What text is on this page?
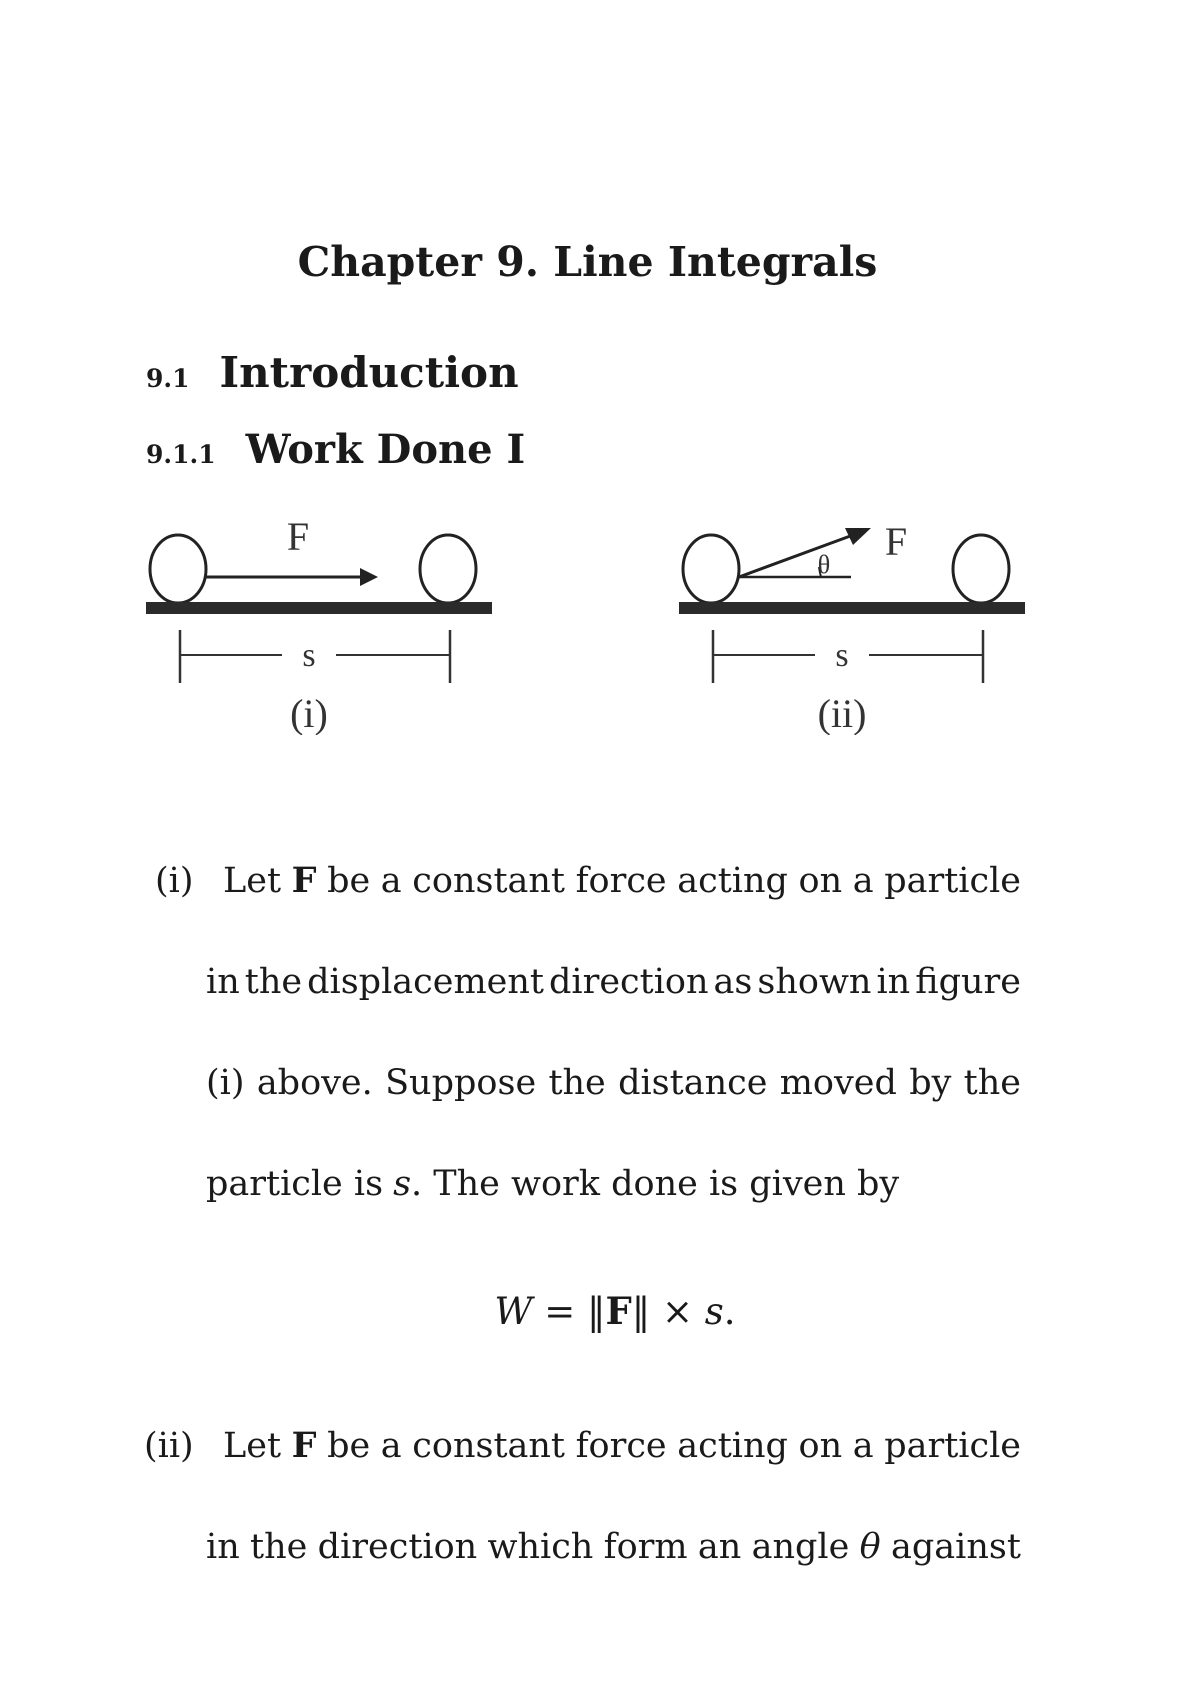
Chapter 9. Line Integrals
9.1 Introduction
9.1.1 Work Done I
F
s
(i)
θ
F
s
(ii)
(i) Let F be a constant force acting on a particle
in the displacement direction as shown in figure
(i) above. Suppose the distance moved by the
particle is s . The work done is given by
W = ‖F‖ × s.
(ii) Let F be a constant force acting on a particle
in the direction which form an angle θ against
